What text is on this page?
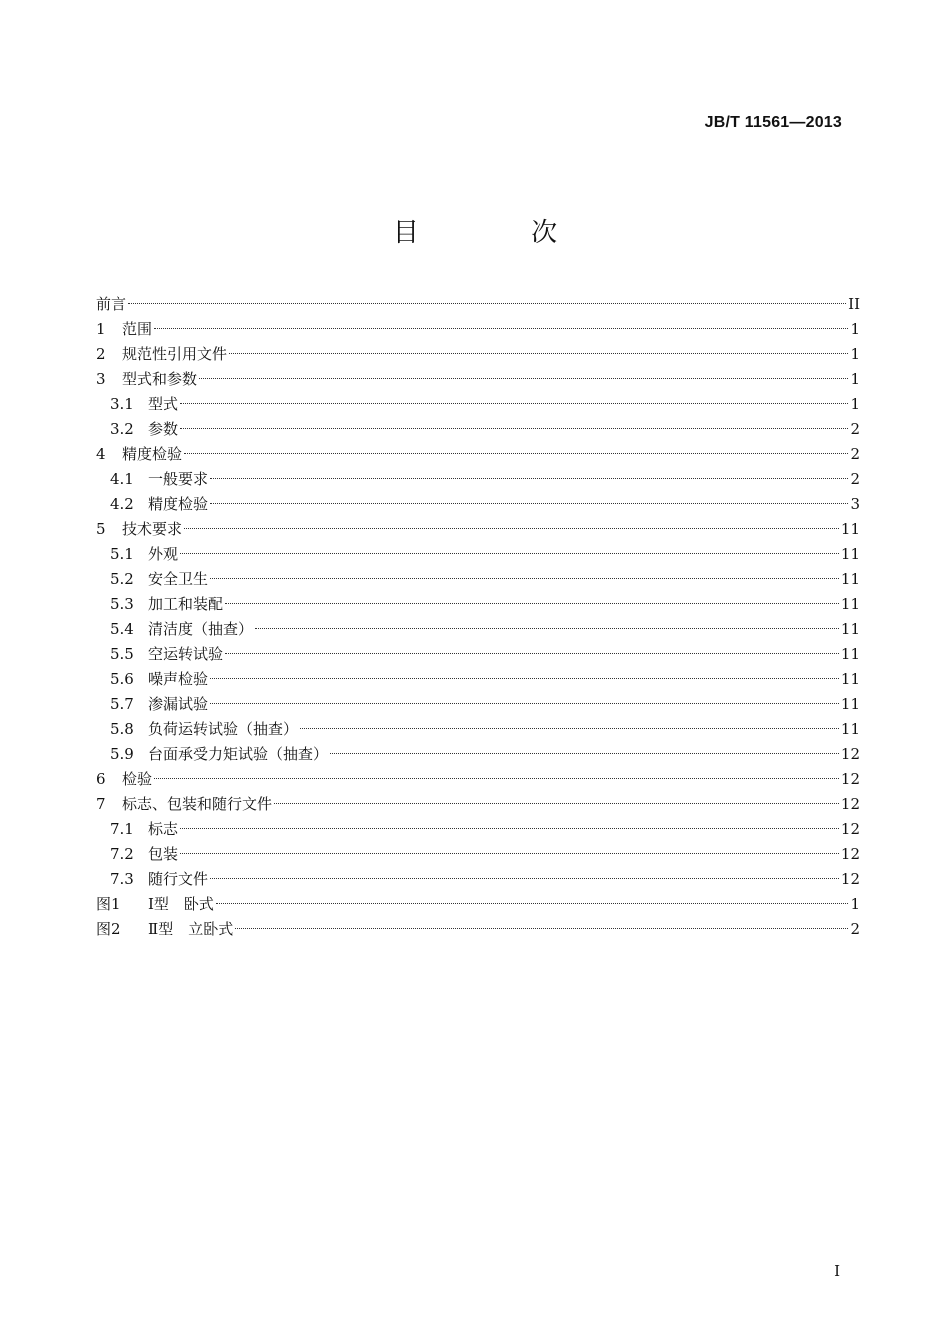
JB/T 11561—2013
目 次
前言	II
1	范围	1
2	规范性引用文件	1
3	型式和参数	1
3.1 型式	1
3.2 参数	2
4	精度检验	2
4.1 一般要求	2
4.2 精度检验	3
5	技术要求	11
5.1 外观	11
5.2 安全卫生	11
5.3 加工和装配	11
5.4 清洁度（抽查）	11
5.5 空运转试验	11
5.6 噪声检验	11
5.7 渗漏试验	11
5.8 负荷运转试验（抽查）	11
5.9 台面承受力矩试验（抽查）	12
6	检验	12
7	标志、包装和随行文件	12
7.1 标志	12
7.2 包装	12
7.3 随行文件	12
图1	Ⅰ型　卧式	1
图2	Ⅱ型　立卧式	2
I
